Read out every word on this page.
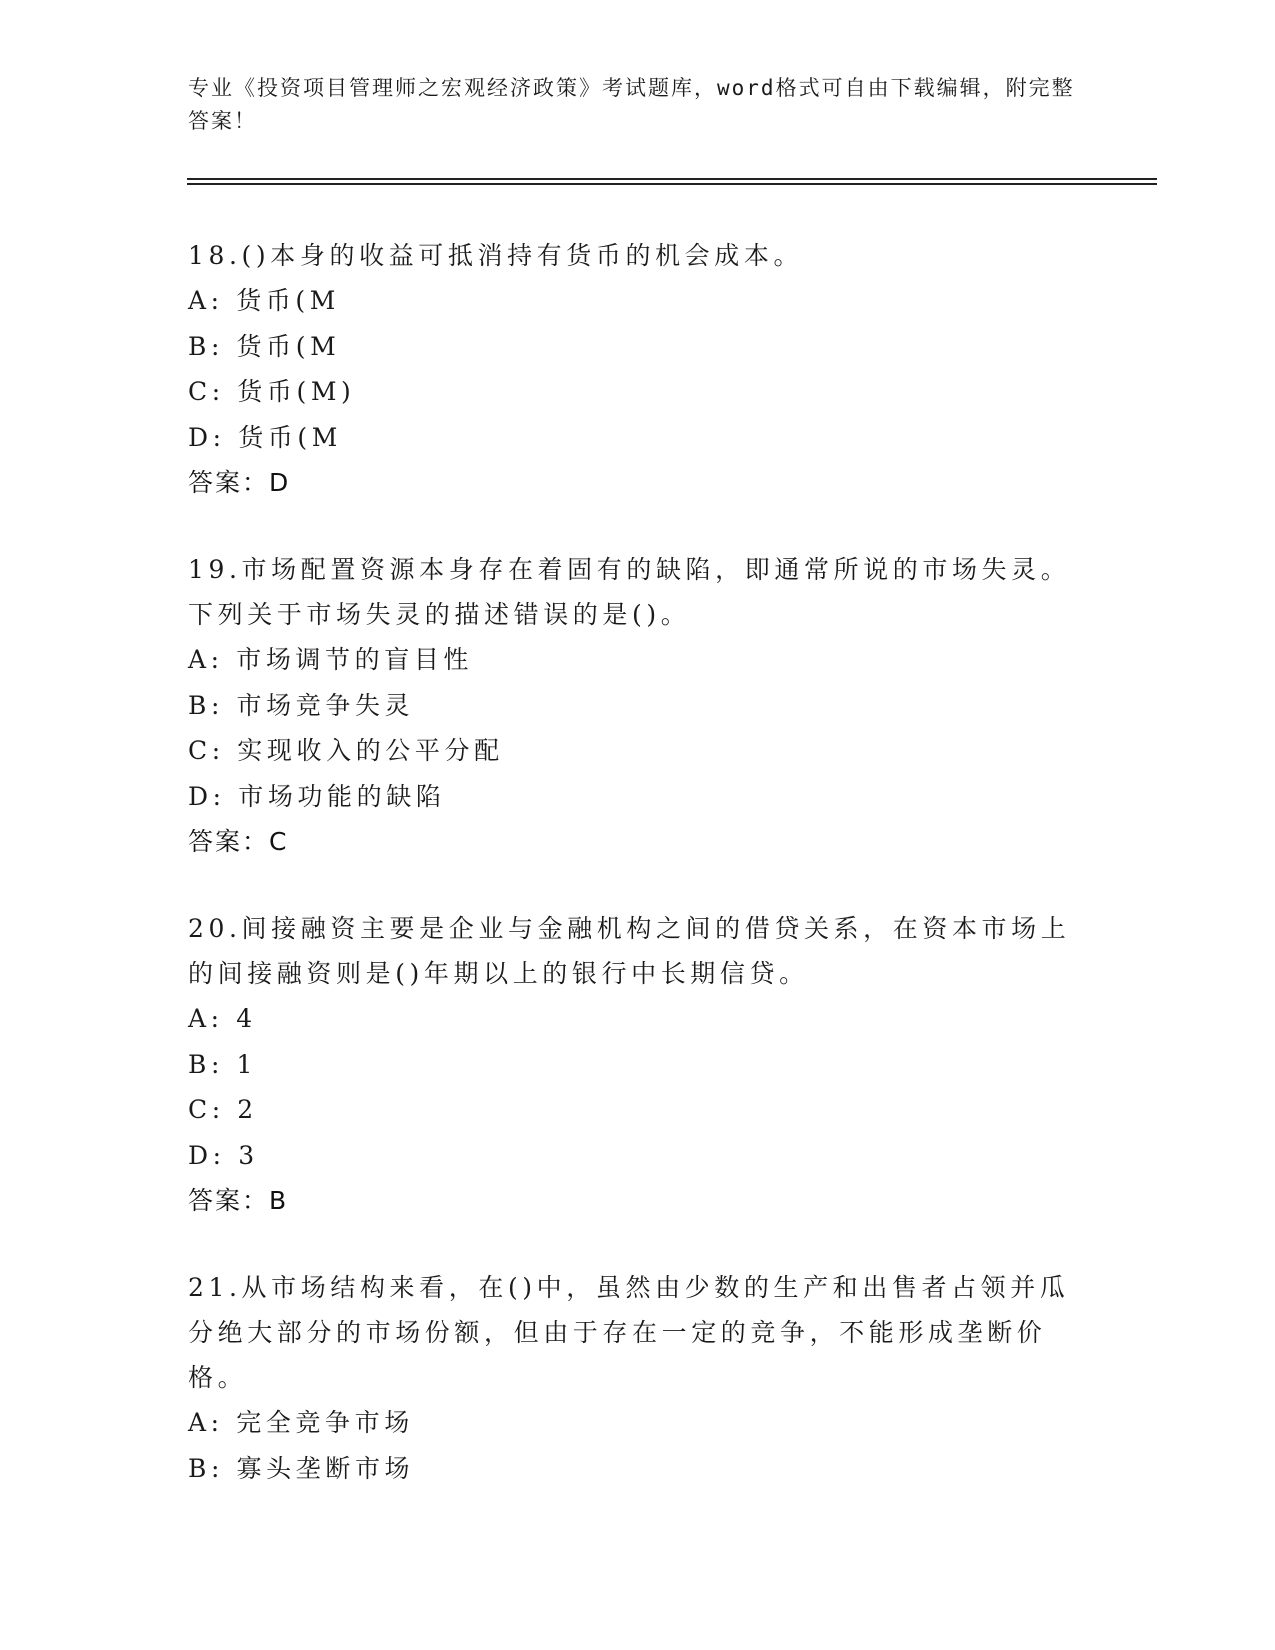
专业《投资项目管理师之宏观经济政策》考试题库，word格式可自由下载编辑，附完整答案！

18.()本身的收益可抵消持有货币的机会成本。

A: 货币(M

B: 货币(M

C: 货币(M)

D: 货币(M

答案：D

19.市场配置资源本身存在着固有的缺陷，即通常所说的市场失灵。下列关于市场失灵的描述错误的是()。

A: 市场调节的盲目性

B: 市场竞争失灵

C: 实现收入的公平分配

D: 市场功能的缺陷

答案：C

20.间接融资主要是企业与金融机构之间的借贷关系，在资本市场上的间接融资则是()年期以上的银行中长期信贷。

A: 4

B: 1

C: 2

D: 3

答案：B

21.从市场结构来看，在()中，虽然由少数的生产和出售者占领并瓜分绝大部分的市场份额，但由于存在一定的竞争，不能形成垄断价格。

A: 完全竞争市场

B: 寡头垄断市场
